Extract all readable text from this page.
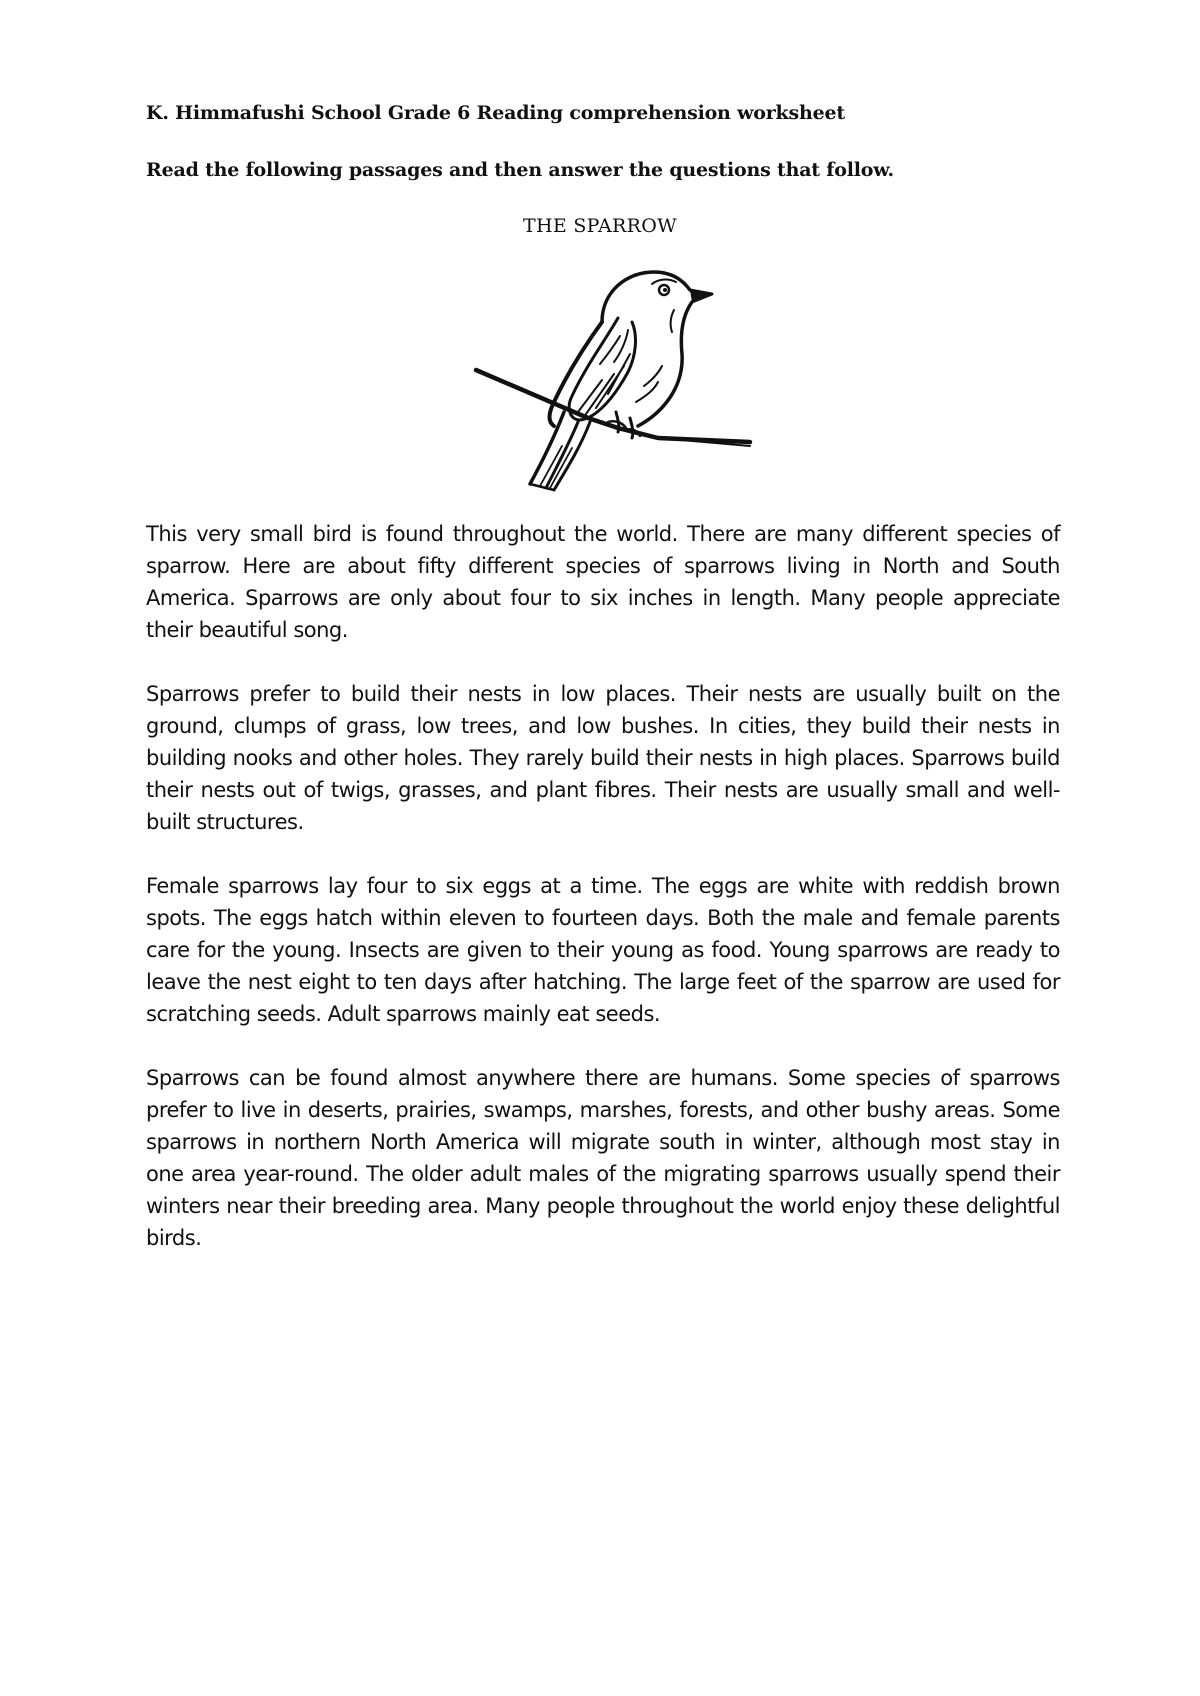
K. Himmafushi School Grade 6 Reading comprehension worksheet
Read the following passages and then answer the questions that follow.
THE SPARROW

This very small bird is found throughout the world. There are many different species of sparrow. Here are about fifty different species of sparrows living in North and South America. Sparrows are only about four to six inches in length. Many people appreciate their beautiful song.

Sparrows prefer to build their nests in low places. Their nests are usually built on the ground, clumps of grass, low trees, and low bushes. In cities, they build their nests in building nooks and other holes. They rarely build their nests in high places. Sparrows build their nests out of twigs, grasses, and plant fibres. Their nests are usually small and well-built structures.

Female sparrows lay four to six eggs at a time. The eggs are white with reddish brown spots. The eggs hatch within eleven to fourteen days. Both the male and female parents care for the young. Insects are given to their young as food. Young sparrows are ready to leave the nest eight to ten days after hatching. The large feet of the sparrow are used for scratching seeds. Adult sparrows mainly eat seeds.

Sparrows can be found almost anywhere there are humans. Some species of sparrows prefer to live in deserts, prairies, swamps, marshes, forests, and other bushy areas. Some sparrows in northern North America will migrate south in winter, although most stay in one area year-round. The older adult males of the migrating sparrows usually spend their winters near their breeding area. Many people throughout the world enjoy these delightful birds.
